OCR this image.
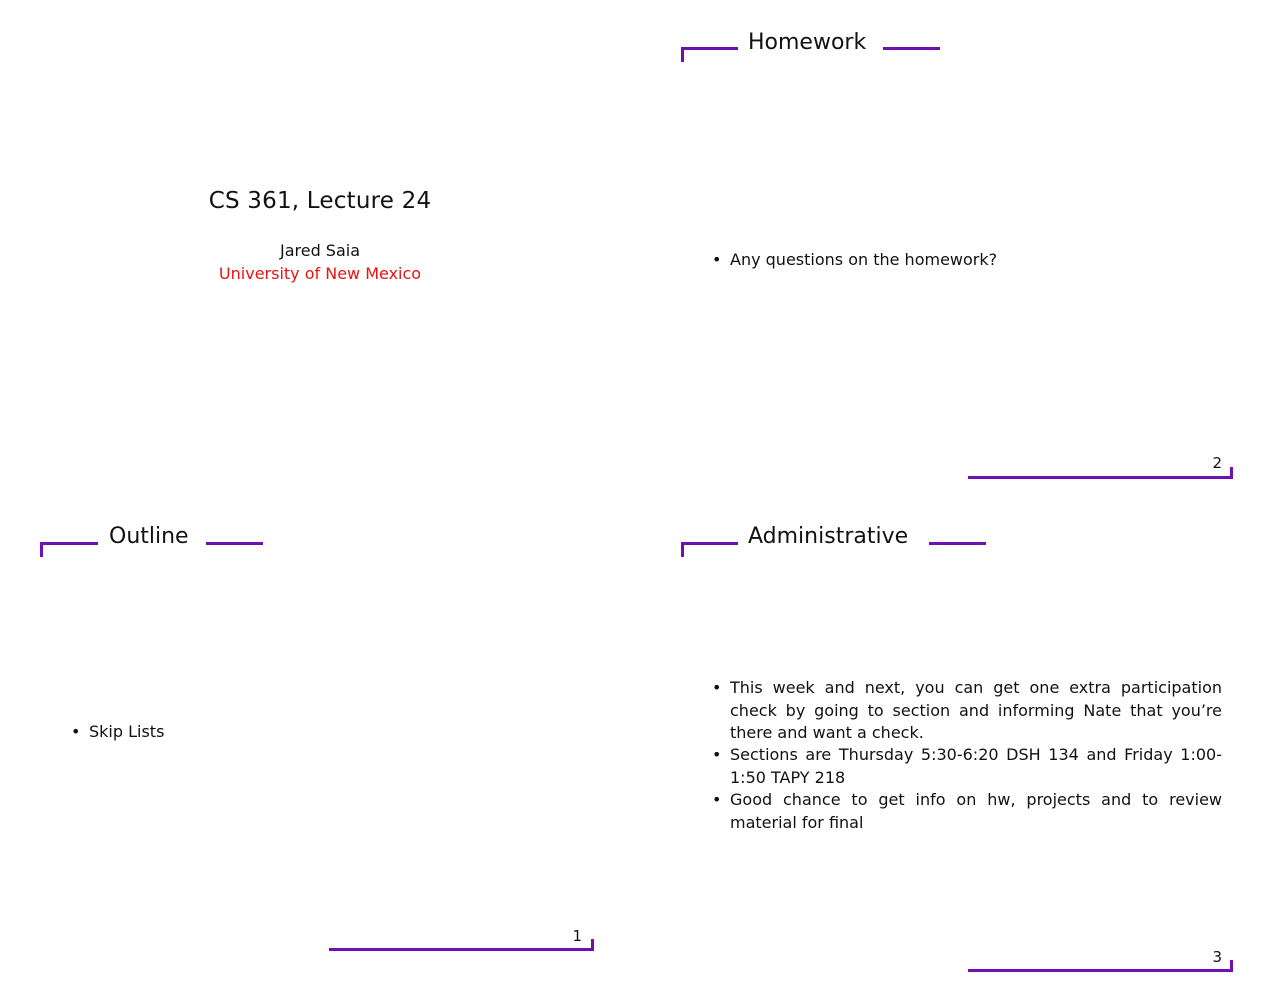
CS 361, Lecture 24
Jared Saia
University of New Mexico
Homework
• Any questions on the homework?
2
Outline
• Skip Lists
1
Administrative
• This week and next, you can get one extra participation check by going to section and informing Nate that you’re there and want a check.
• Sections are Thursday 5:30-6:20 DSH 134 and Friday 1:00-1:50 TAPY 218
• Good chance to get info on hw, projects and to review material for final
3
